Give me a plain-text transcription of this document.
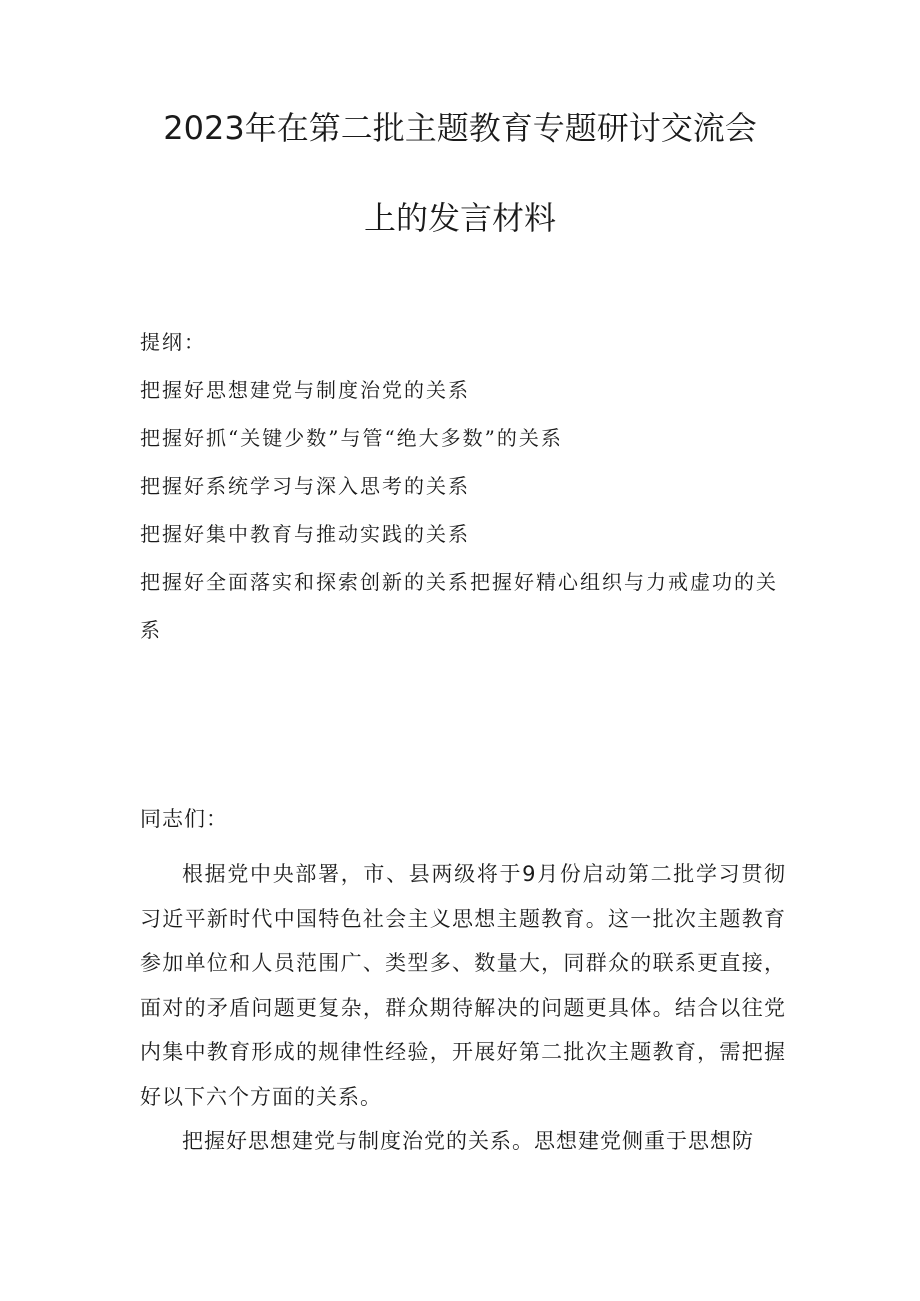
2023年在第二批主题教育专题研讨交流会
上的发言材料
提纲：
把握好思想建党与制度治党的关系
把握好抓“关键少数”与管“绝大多数”的关系
把握好系统学习与深入思考的关系
把握好集中教育与推动实践的关系
把握好全面落实和探索创新的关系把握好精心组织与力戒虚功的关系
同志们：
根据党中央部署，市、县两级将于9月份启动第二批学习贯彻习近平新时代中国特色社会主义思想主题教育。这一批次主题教育参加单位和人员范围广、类型多、数量大，同群众的联系更直接，面对的矛盾问题更复杂，群众期待解决的问题更具体。结合以往党内集中教育形成的规律性经验，开展好第二批次主题教育，需把握好以下六个方面的关系。
把握好思想建党与制度治党的关系。思想建党侧重于思想防
